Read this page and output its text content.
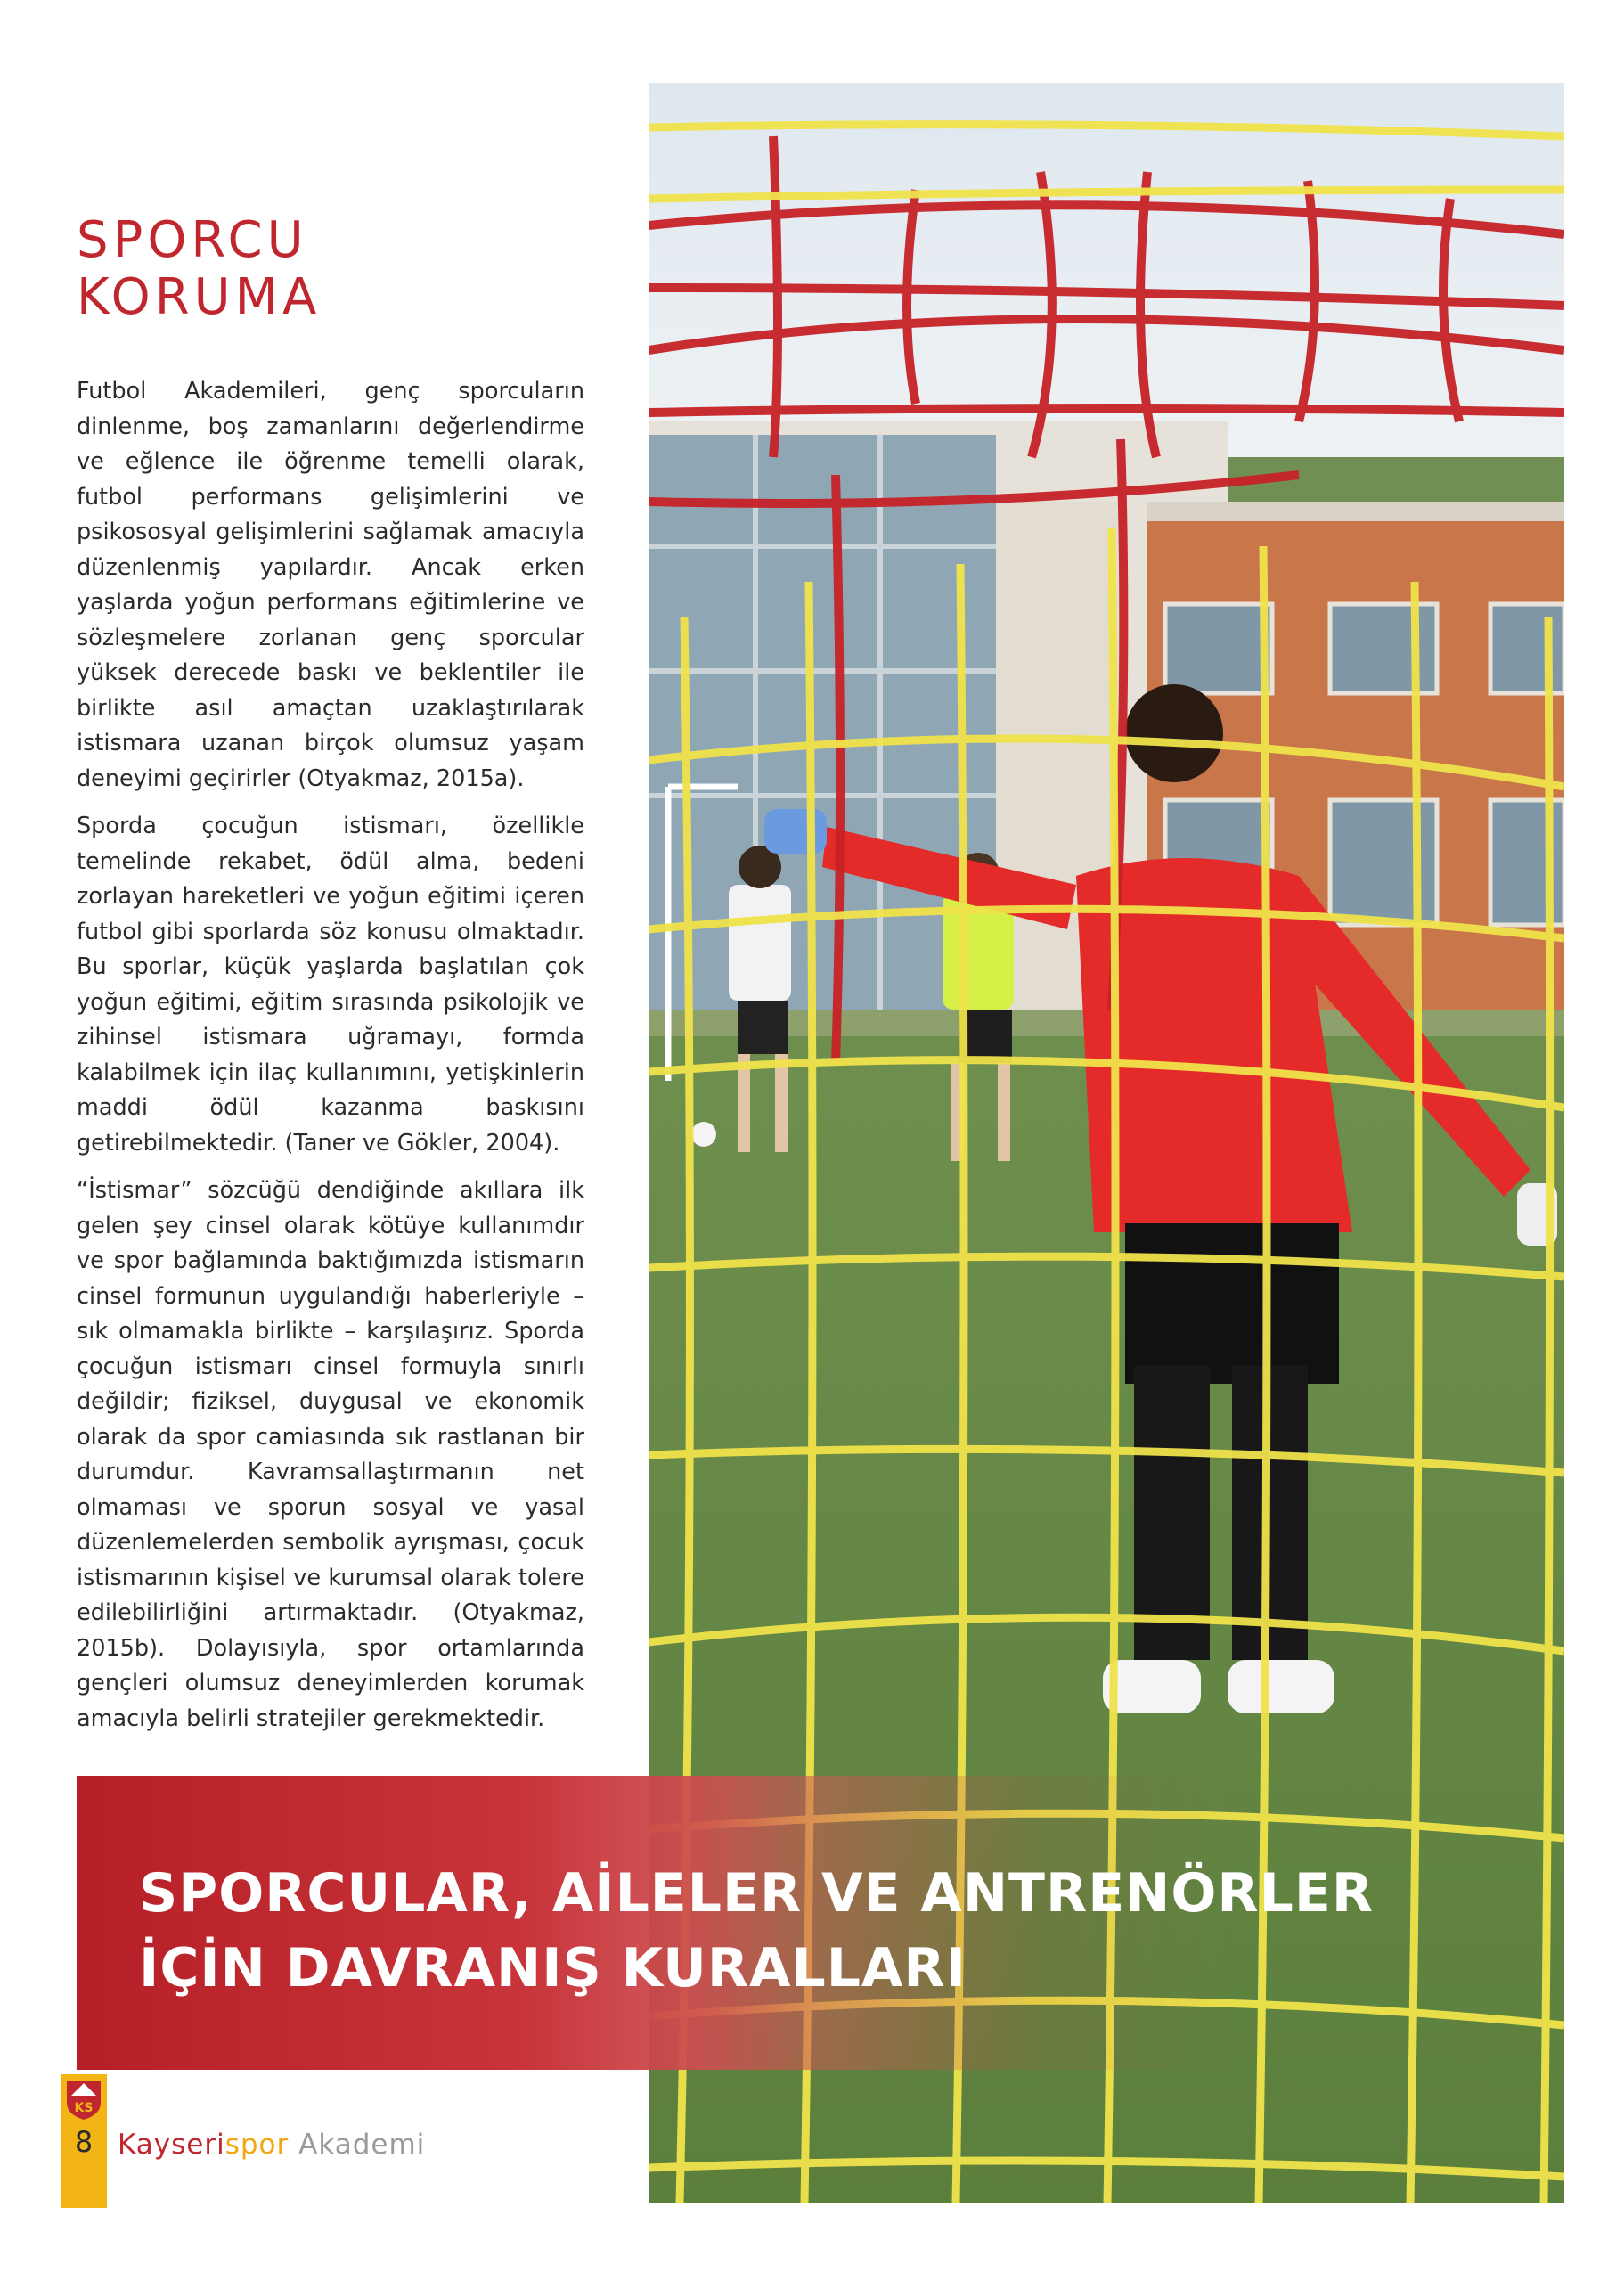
SPORCU
KORUMA

Futbol Akademileri, genç sporcuların dinlenme, boş zamanlarını değerlendirme ve eğlence ile öğrenme temelli olarak, futbol performans gelişimlerini ve psikososyal gelişimlerini sağlamak amacıyla düzenlenmiş yapılardır. Ancak erken yaşlarda yoğun performans eğitimlerine ve sözleşmelere zorlanan genç sporcular yüksek derecede baskı ve beklentiler ile birlikte asıl amaçtan uzaklaştırılarak istismara uzanan birçok olumsuz yaşam deneyimi geçirirler (Otyakmaz, 2015a).

Sporda çocuğun istismarı, özellikle temelinde rekabet, ödül alma, bedeni zorlayan hareketleri ve yoğun eğitimi içeren futbol gibi sporlarda söz konusu olmaktadır. Bu sporlar, küçük yaşlarda başlatılan çok yoğun eğitimi, eğitim sırasında psikolojik ve zihinsel istismara uğramayı, formda kalabilmek için ilaç kullanımını, yetişkinlerin maddi ödül kazanma baskısını getirebilmektedir. (Taner ve Gökler, 2004).

“İstismar” sözcüğü dendiğinde akıllara ilk gelen şey cinsel olarak kötüye kullanımdır ve spor bağlamında baktığımızda istismarın cinsel formunun uygulandığı haberleriyle – sık olmamakla birlikte – karşılaşırız. Sporda çocuğun istismarı cinsel formuyla sınırlı değildir; fiziksel, duygusal ve ekonomik olarak da spor camiasında sık rastlanan bir durumdur. Kavramsallaştırmanın net olmaması ve sporun sosyal ve yasal düzenlemelerden sembolik ayrışması, çocuk istismarının kişisel ve kurumsal olarak tolere edilebilirliğini artırmaktadır. (Otyakmaz, 2015b). Dolayısıyla, spor ortamlarında gençleri olumsuz deneyimlerden korumak amacıyla belirli stratejiler gerekmektedir.

SPORCULAR, AİLELER VE ANTRENÖRLER
İÇİN DAVRANIŞ KURALLARI
KS
8 Kayserispor Akademi
